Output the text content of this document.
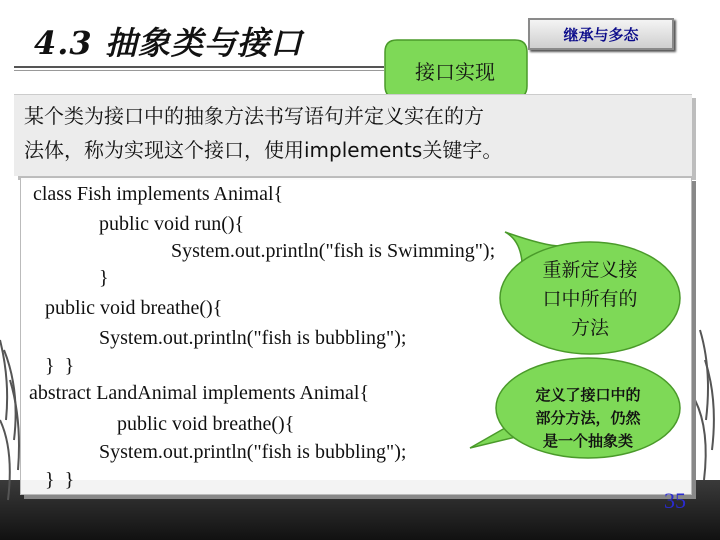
4.3 抽象类与接口	继承与多态
接口实现
某个类为接口中的抽象方法书写语句并定义实在的方
法体，称为实现这个接口，使用implements关键字。
class Fish implements Animal{
public void run(){
System.out.println("fish is Swimming");
}
public void breathe(){
System.out.println("fish is bubbling");
}  }
abstract LandAnimal implements Animal{
public void breathe(){
System.out.println("fish is bubbling");
}  }
重新定义接
口中所有的
方法
定义了接口中的
部分方法，仍然
是一个抽象类
35
